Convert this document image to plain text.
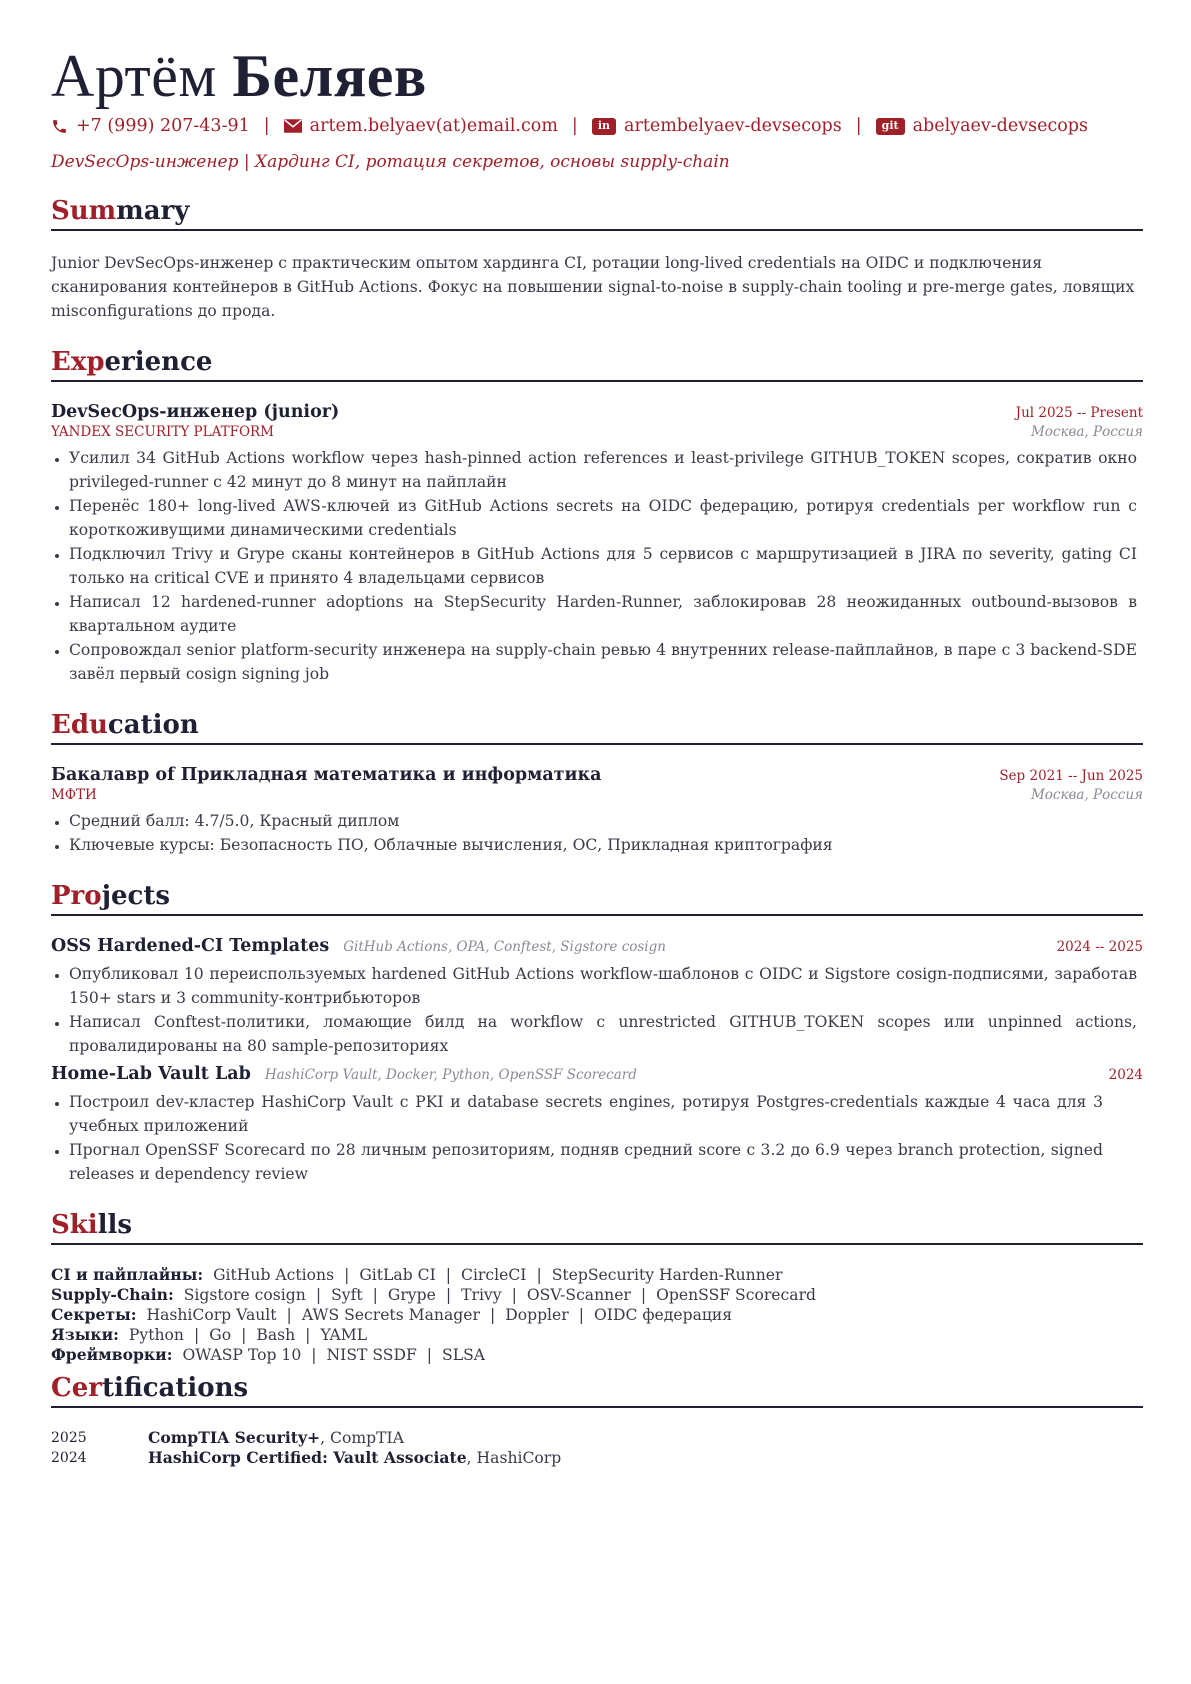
Артём Беляев
+7 (999) 207-43-91 | artem.belyaev(at)email.com |	in artembelyaev-devsecops |	git abelyaev-devsecops
DevSecOps-инженер | Хардинг CI, ротация секретов, основы supply-chain
Summary
Junior DevSecOps-инженер с практическим опытом хардинга CI, ротации long-lived credentials на OIDC и подключения сканирования контейнеров в GitHub Actions. Фокус на повышении signal-to-noise в supply-chain tooling и pre-merge gates, ловящих misconfigurations до прода.
Experience
DevSecOps-инженер (junior)	Jul 2025 -- Present
YANDEX SECURITY PLATFORM	Москва, Россия
• Усилил 34 GitHub Actions workflow через hash-pinned action references и least-privilege GITHUB_TOKEN scopes, сократив окно privileged-runner с 42 минут до 8 минут на пайплайн
• Перенёс 180+ long-lived AWS-ключей из GitHub Actions secrets на OIDC федерацию, ротируя credentials per workflow run с короткоживущими динамическими credentials
• Подключил Trivy и Grype сканы контейнеров в GitHub Actions для 5 сервисов с маршрутизацией в JIRA по severity, gating CI только на critical CVE и принято 4 владельцами сервисов
• Написал 12 hardened-runner adoptions на StepSecurity Harden-Runner, заблокировав 28 неожиданных outbound-вызовов в квартальном аудите
• Сопровождал senior platform-security инженера на supply-chain ревью 4 внутренних release-пайплайнов, в паре с 3 backend-SDE завёл первый cosign signing job
Education
Бакалавр of Прикладная математика и информатика	Sep 2021 -- Jun 2025
МФТИ	Москва, Россия
• Средний балл: 4.7/5.0, Красный диплом
• Ключевые курсы: Безопасность ПО, Облачные вычисления, ОС, Прикладная криптография
Projects
OSS Hardened-CI Templates GitHub Actions, OPA, Conftest, Sigstore cosign	2024 -- 2025
• Опубликовал 10 переиспользуемых hardened GitHub Actions workflow-шаблонов с OIDC и Sigstore cosign-подписями, заработав 150+ stars и 3 community-контрибьюторов
• Написал Conftest-политики, ломающие билд на workflow с unrestricted GITHUB_TOKEN scopes или unpinned actions, провалидированы на 80 sample-репозиториях
Home-Lab Vault Lab HashiCorp Vault, Docker, Python, OpenSSF Scorecard	2024
• Построил dev-кластер HashiCorp Vault с PKI и database secrets engines, ротируя Postgres-credentials каждые 4 часа для 3 учебных приложений
• Прогнал OpenSSF Scorecard по 28 личным репозиториям, подняв средний score с 3.2 до 6.9 через branch protection, signed releases и dependency review
Skills
CI и пайплайны: GitHub Actions | GitLab CI | CircleCI | StepSecurity Harden-Runner
Supply-Chain: Sigstore cosign | Syft | Grype | Trivy | OSV-Scanner | OpenSSF Scorecard
Секреты: HashiCorp Vault | AWS Secrets Manager | Doppler | OIDC федерация
Языки: Python | Go | Bash | YAML
Фреймворки: OWASP Top 10 | NIST SSDF | SLSA
Certifications
2025	CompTIA Security+, CompTIA
2024	HashiCorp Certified: Vault Associate, HashiCorp
